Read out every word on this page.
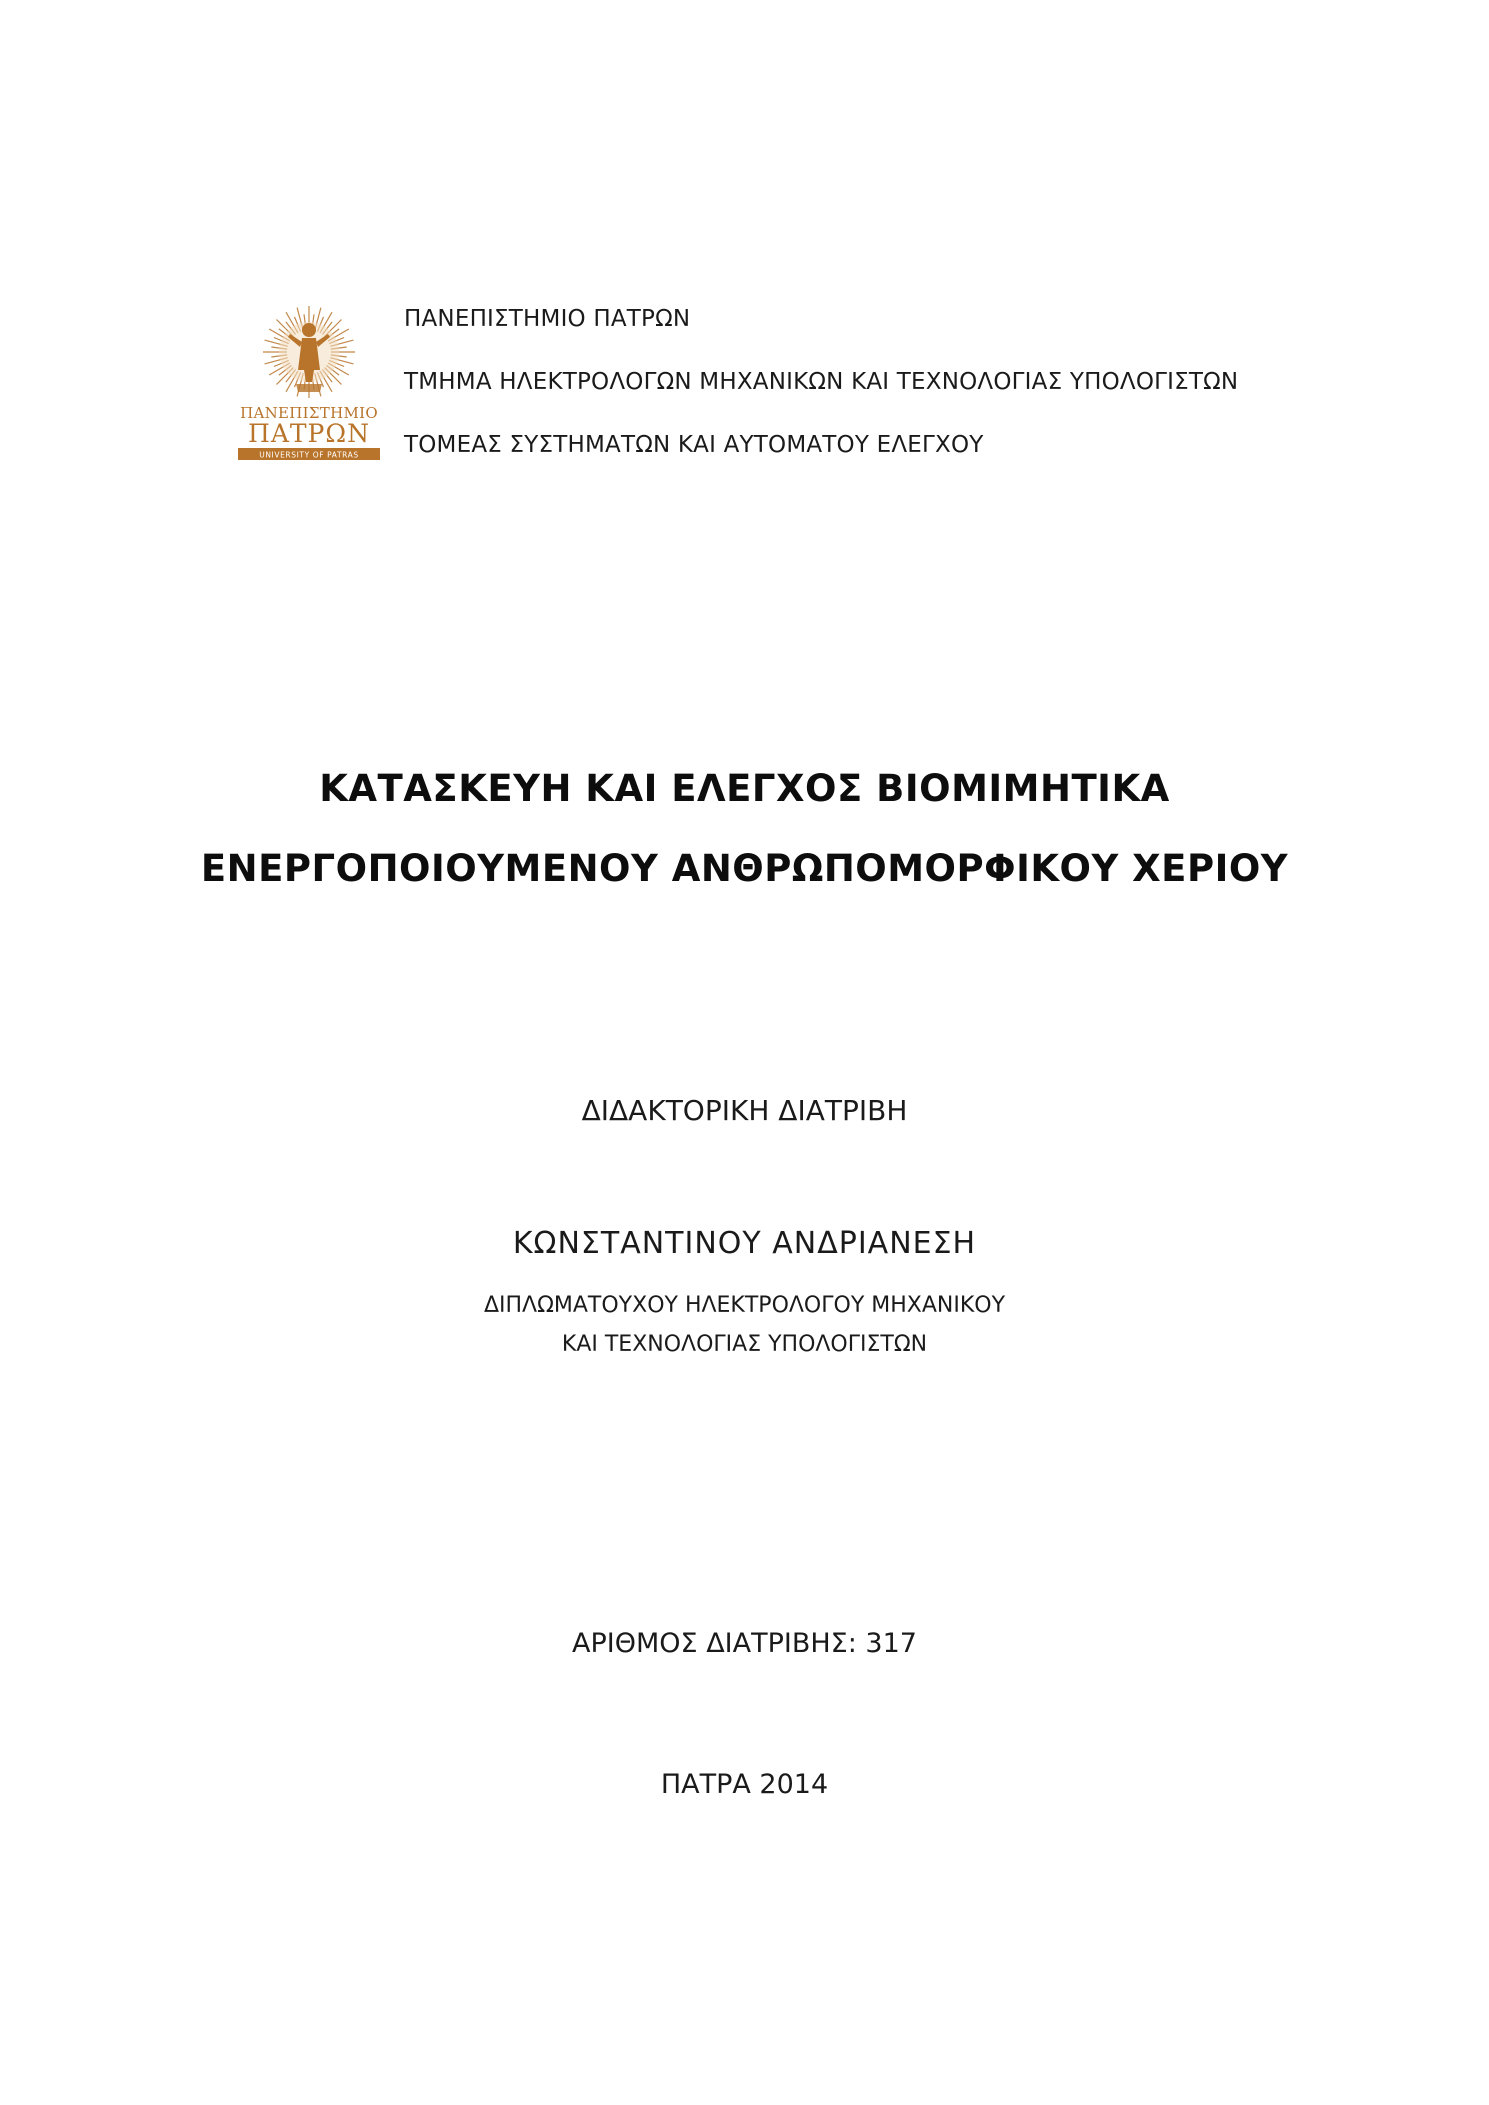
ΠΑΝΕΠΙΣΤΗΜΙΟ
ΠΑΤΡΩΝ
UNIVERSITY OF PATRAS
ΠΑΝΕΠΙΣΤΗΜΙΟ ΠΑΤΡΩΝ
ΤΜΗΜΑ ΗΛΕΚΤΡΟΛΟΓΩΝ ΜΗΧΑΝΙΚΩΝ ΚΑΙ ΤΕΧΝΟΛΟΓΙΑΣ ΥΠΟΛΟΓΙΣΤΩΝ
ΤΟΜΕΑΣ ΣΥΣΤΗΜΑΤΩΝ ΚΑΙ ΑΥΤΟΜΑΤΟΥ ΕΛΕΓΧΟΥ
ΚΑΤΑΣΚΕΥΗ ΚΑΙ ΕΛΕΓΧΟΣ ΒΙΟΜΙΜΗΤΙΚΑ
ΕΝΕΡΓΟΠΟΙΟΥΜΕΝΟΥ ΑΝΘΡΩΠΟΜΟΡΦΙΚΟΥ ΧΕΡΙΟΥ
ΔΙΔΑΚΤΟΡΙΚΗ ΔΙΑΤΡΙΒΗ
ΚΩΝΣΤΑΝΤΙΝΟΥ ΑΝΔΡΙΑΝΕΣΗ
ΔΙΠΛΩΜΑΤΟΥΧΟΥ ΗΛΕΚΤΡΟΛΟΓΟΥ ΜΗΧΑΝΙΚΟΥ
ΚΑΙ ΤΕΧΝΟΛΟΓΙΑΣ ΥΠΟΛΟΓΙΣΤΩΝ
ΑΡΙΘΜΟΣ ΔΙΑΤΡΙΒΗΣ: 317
ΠΑΤΡΑ 2014
